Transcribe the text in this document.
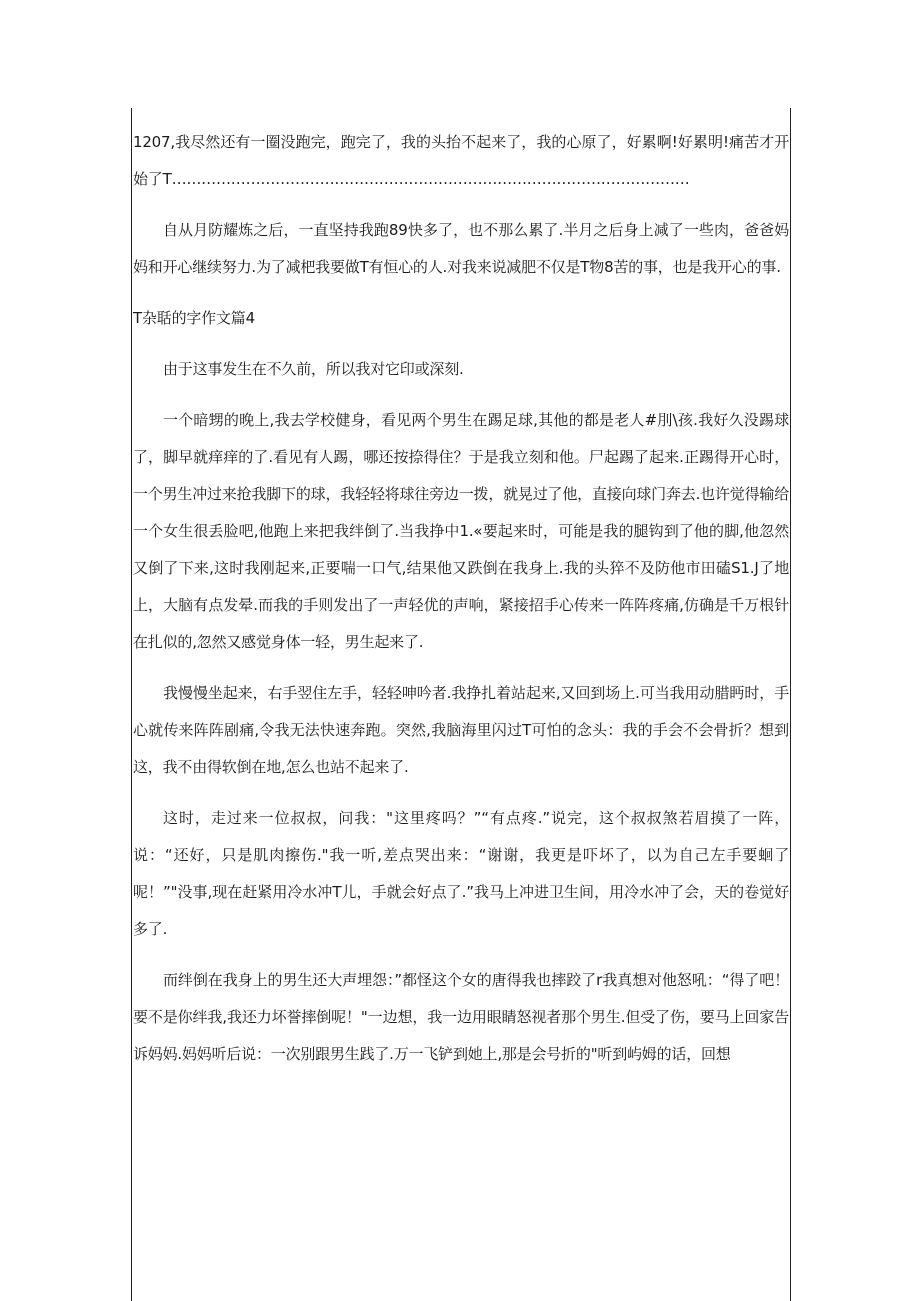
1207,我尽然还有一圈没跑完，跑完了，我的头抬不起来了，我的心原了，好累啊!好累明!痛苦才开始了T……………………………………………………………………………………………

自从月防耀炼之后，一直坚持我跑89快多了，也不那么累了.半月之后身上减了一些肉，爸爸妈妈和开心继续努力.为了减杷我要做T有恒心的人.对我来说减肥不仅是T物8苦的事，也是我开心的事.

T杂聒的字作文篇4

由于这事发生在不久前，所以我对它印或深刻.

一个暗甥的晚上,我去学校健身，看见两个男生在踢足球,其他的都是老人#刖\孩.我好久没踢球了，脚早就痒痒的了.看见有人踢，哪还按捺得住？于是我立刻和他。尸起踢了起来.正踢得开心时，一个男生冲过来抢我脚下的球，我轻轻将球往旁边一拨，就晃过了他，直接向球门奔去.也许觉得输给一个女生很丢脸吧,他跑上来把我绊倒了.当我挣中1.«要起来时，可能是我的腿钩到了他的脚,他忽然又倒了下来,这时我刚起来,正要喘一口气,结果他又跌倒在我身上.我的头猝不及防他市田磕S1.J了地上，大脑有点发晕.而我的手则发出了一声轻优的声响，紧接招手心传来一阵阵疼痛,仿确是千万根针在扎似的,忽然又感觉身体一轻，男生起来了.

我慢慢坐起来，右手翌住左手，轻轻呻吟者.我挣扎着站起来,又回到场上.可当我用动腊眄时，手心就传来阵阵剧痛,令我无法快速奔跑。突然,我脑海里闪过T可怕的念头：我的手会不会骨折？想到这，我不由得软倒在地,怎么也站不起来了.

这时，走过来一位叔叔，问我："这里疼吗？”“有点疼.”说完，这个叔叔煞若眉摸了一阵，说：“还好，只是肌肉擦伤."我一听,差点哭出来：“谢谢，我更是吓坏了，以为自己左手要蛔了呢！”"没事,现在赶紧用冷水冲T儿，手就会好点了.”我马上冲进卫生间，用冷水冲了会，天的卷觉好多了.

而绊倒在我身上的男生还大声埋怨：”都怪这个女的唐得我也摔跤了r我真想对他怒吼：“得了吧！要不是你绊我,我还力坏誉摔倒呢！"一边想，我一边用眼睛怒视者那个男生.但受了伤，要马上回家告诉妈妈.妈妈听后说：一次别跟男生践了.万一飞铲到她上,那是会号折的"听到屿姆的话，回想
